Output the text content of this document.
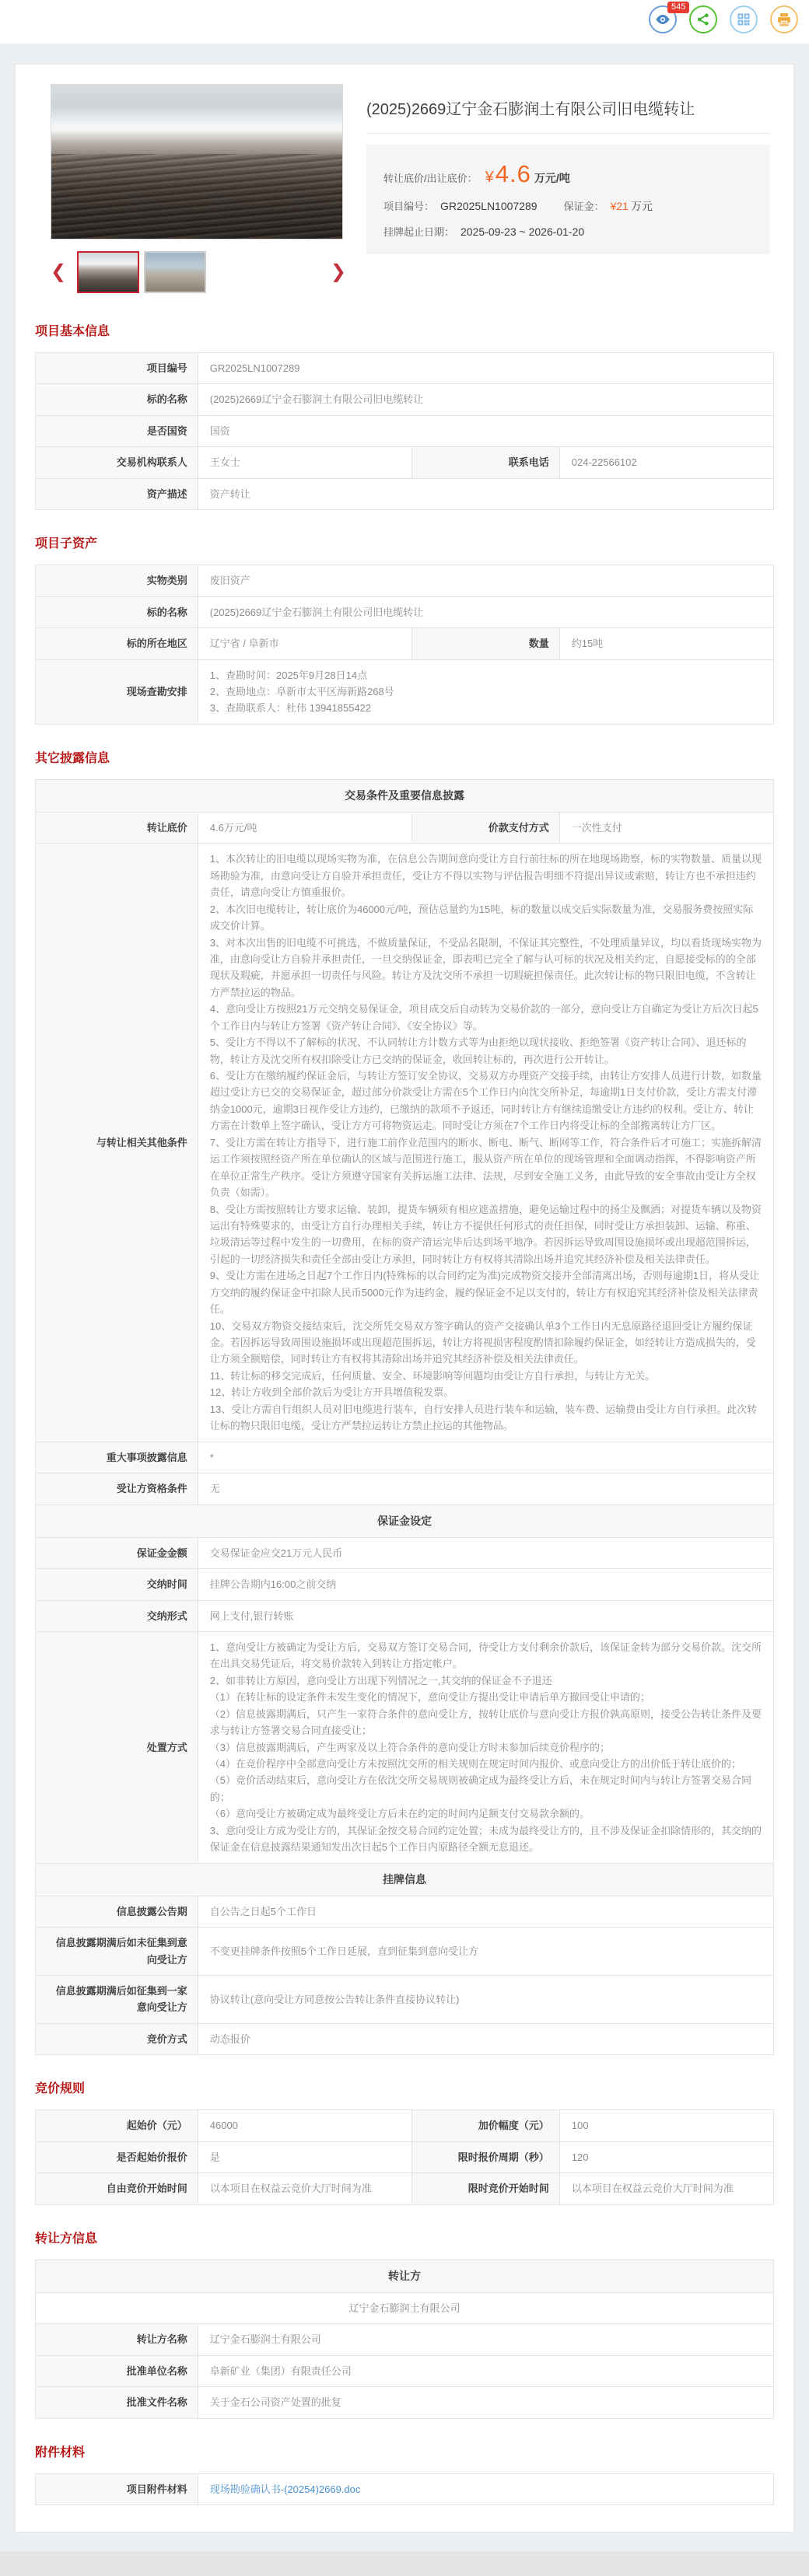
545
❮	❯
(2025)2669辽宁金石膨润土有限公司旧电缆转让
转让底价/出让底价： ¥ 4.6 万元/吨
项目编号： GR2025LN1007289	保证金： ¥21 万元
挂牌起止日期： 2025-09-23 ~ 2026-01-20
项目基本信息
项目编号	GR2025LN1007289		
标的名称	(2025)2669辽宁金石膨润土有限公司旧电缆转让		
是否国资	国资		
交易机构联系人	王女士	联系电话	024-22566102
资产描述	资产转让		
项目子资产
实物类别	废旧资产		
标的名称	(2025)2669辽宁金石膨润土有限公司旧电缆转让		
标的所在地区	辽宁省 / 阜新市	数量	约15吨
现场查勘安排	1、查勘时间：2025年9月28日14点

2、查勘地点：阜新市太平区海新路268号

3、查勘联系人：杜伟 13941855422		

其它披露信息
交易条件及重要信息披露			
转让底价	4.6万元/吨	价款支付方式	一次性支付
与转让相关其他条件	

1、本次转让的旧电缆以现场实物为准，在信息公告期间意向受让方自行前往标的所在地现场勘察，标的实物数量、质量以现场勘验为准，由意向受让方自验并承担责任，受让方不得以实物与评估报告明细不符提出异议或索赔，转让方也不承担违约责任，请意向受让方慎重报价。

2、本次旧电缆转让，转让底价为46000元/吨，预估总量约为15吨，标的数量以成交后实际数量为准，交易服务费按照实际成交价计算。

3、对本次出售的旧电缆不可挑选，不做质量保证，不受品名限制，不保证其完整性，不处理质量异议，均以看货现场实物为准，由意向受让方自验并承担责任，一旦交纳保证金，即表明已完全了解与认可标的状况及相关约定，自愿接受标的的全部现状及瑕疵，并愿承担一切责任与风险。转让方及沈交所不承担一切瑕疵担保责任。此次转让标的物只限旧电缆，不含转让方严禁拉运的物品。

4、意向受让方按照21万元交纳交易保证金，项目成交后自动转为交易价款的一部分，意向受让方自确定为受让方后次日起5个工作日内与转让方签署《资产转让合同》、《安全协议》等。

5、受让方不得以不了解标的状况、不认同转让方计数方式等为由拒绝以现状接收、拒绝签署《资产转让合同》、退还标的物，转让方及沈交所有权扣除受让方已交纳的保证金，收回转让标的，再次进行公开转让。

6、受让方在缴纳履约保证金后，与转让方签订安全协议，交易双方办理资产交接手续，由转让方安排人员进行计数，如数量超过受让方已交的交易保证金，超过部分价款受让方需在5个工作日内向沈交所补足，每逾期1日支付价款，受让方需支付滞纳金1000元，逾期3日视作受让方违约，已缴纳的款项不予返还，同时转让方有继续追缴受让方违约的权利。受让方、转让方需在计数单上签字确认，受让方方可将物资运走。同时受让方须在7个工作日内将受让标的全部搬离转让方厂区。

7、受让方需在转让方指导下，进行施工前作业范围内的断水、断电、断气、断网等工作，符合条件后才可施工；实施拆解清运工作须按照经资产所在单位确认的区域与范围进行施工，服从资产所在单位的现场管理和全面调动指挥，不得影响资产所在单位正常生产秩序。受让方须遵守国家有关拆运施工法律、法规，尽到安全施工义务，由此导致的安全事故由受让方全权负责（如需）。

8、受让方需按照转让方要求运输、装卸，提货车辆须有相应遮盖措施，避免运输过程中的扬尘及飘洒；对提货车辆以及物资运出有特殊要求的，由受让方自行办理相关手续，转让方不提供任何形式的责任担保，同时受让方承担装卸、运输、称重、垃圾清运等过程中发生的一切费用，在标的资产清运完毕后达到场平地净。若因拆运导致周围设施损坏或出现超范围拆运，引起的一切经济损失和责任全部由受让方承担，同时转让方有权将其清除出场并追究其经济补偿及相关法律责任。

9、受让方需在进场之日起7个工作日内(特殊标的以合同约定为准)完成物资交接并全部清离出场，否则每逾期1日，将从受让方交纳的履约保证金中扣除人民币5000元作为违约金，履约保证金不足以支付的，转让方有权追究其经济补偿及相关法律责任。

10、交易双方物资交接结束后，沈交所凭交易双方签字确认的资产交接确认单3个工作日内无息原路径退回受让方履约保证金。若因拆运导致周围设施损坏或出现超范围拆运，转让方将视损害程度酌情扣除履约保证金，如经转让方造成损失的，受让方须全额赔偿，同时转让方有权将其清除出场并追究其经济补偿及相关法律责任。

11、转让标的移交完成后，任何质量、安全、环境影响等问题均由受让方自行承担，与转让方无关。

12、转让方收到全部价款后为受让方开具增值税发票。

13、受让方需自行组织人员对旧电缆进行装车，自行安排人员进行装车和运输，装车费、运输费由受让方自行承担。此次转让标的物只限旧电缆，受让方严禁拉运转让方禁止拉运的其他物品。

重大事项披露信息	*		
受让方资格条件	无		
保证金设定			
保证金金额	交易保证金应交21万元人民币		
交纳时间	挂牌公告期内16:00之前交纳		
交纳形式	网上支付,银行转账		
处置方式	

1、意向受让方被确定为受让方后，交易双方签订交易合同，待受让方支付剩余价款后，该保证金转为部分交易价款。沈交所在出具交易凭证后，将交易价款转入到转让方指定帐户。

2、如非转让方原因，意向受让方出现下列情况之一,其交纳的保证金不予退还

（1）在转让标的设定条件未发生变化的情况下，意向受让方提出受让申请后单方撤回受让申请的；

（2）信息披露期满后，只产生一家符合条件的意向受让方，按转让底价与意向受让方报价孰高原则，接受公告转让条件及要求与转让方签署交易合同直接受让；

（3）信息披露期满后，产生两家及以上符合条件的意向受让方时未参加后续竞价程序的；

（4）在竞价程序中全部意向受让方未按照沈交所的相关规则在规定时间内报价、或意向受让方的出价低于转让底价的；

（5）竞价活动结束后，意向受让方在依沈交所交易规则被确定成为最终受让方后，未在规定时间内与转让方签署交易合同的；

（6）意向受让方被确定成为最终受让方后未在约定的时间内足额支付交易款余额的。

3、意向受让方成为受让方的，其保证金按交易合同约定处置；未成为最终受让方的，且不涉及保证金扣除情形的，其交纳的保证金在信息披露结果通知发出次日起5个工作日内原路径全额无息退还。

挂牌信息			
信息披露公告期	自公告之日起5个工作日		
信息披露期满后如未征集到意向受让方	不变更挂牌条件按照5个工作日延展，直到征集到意向受让方		
信息披露期满后如征集到一家意向受让方	协议转让(意向受让方同意按公告转让条件直接协议转让)		
竞价方式	动态报价		
竞价规则
起始价（元）	46000	加价幅度（元）	100
是否起始价报价	是	限时报价周期（秒）	120
自由竞价开始时间	以本项目在权益云竞价大厅时间为准	限时竞价开始时间	以本项目在权益云竞价大厅时间为准
转让方信息
转让方	
辽宁金石膨润土有限公司	
转让方名称	辽宁金石膨润土有限公司
批准单位名称	阜新矿业（集团）有限责任公司
批准文件名称	关于金石公司资产处置的批复
附件材料
项目附件材料	现场勘验确认书-(20254)2669.doc
